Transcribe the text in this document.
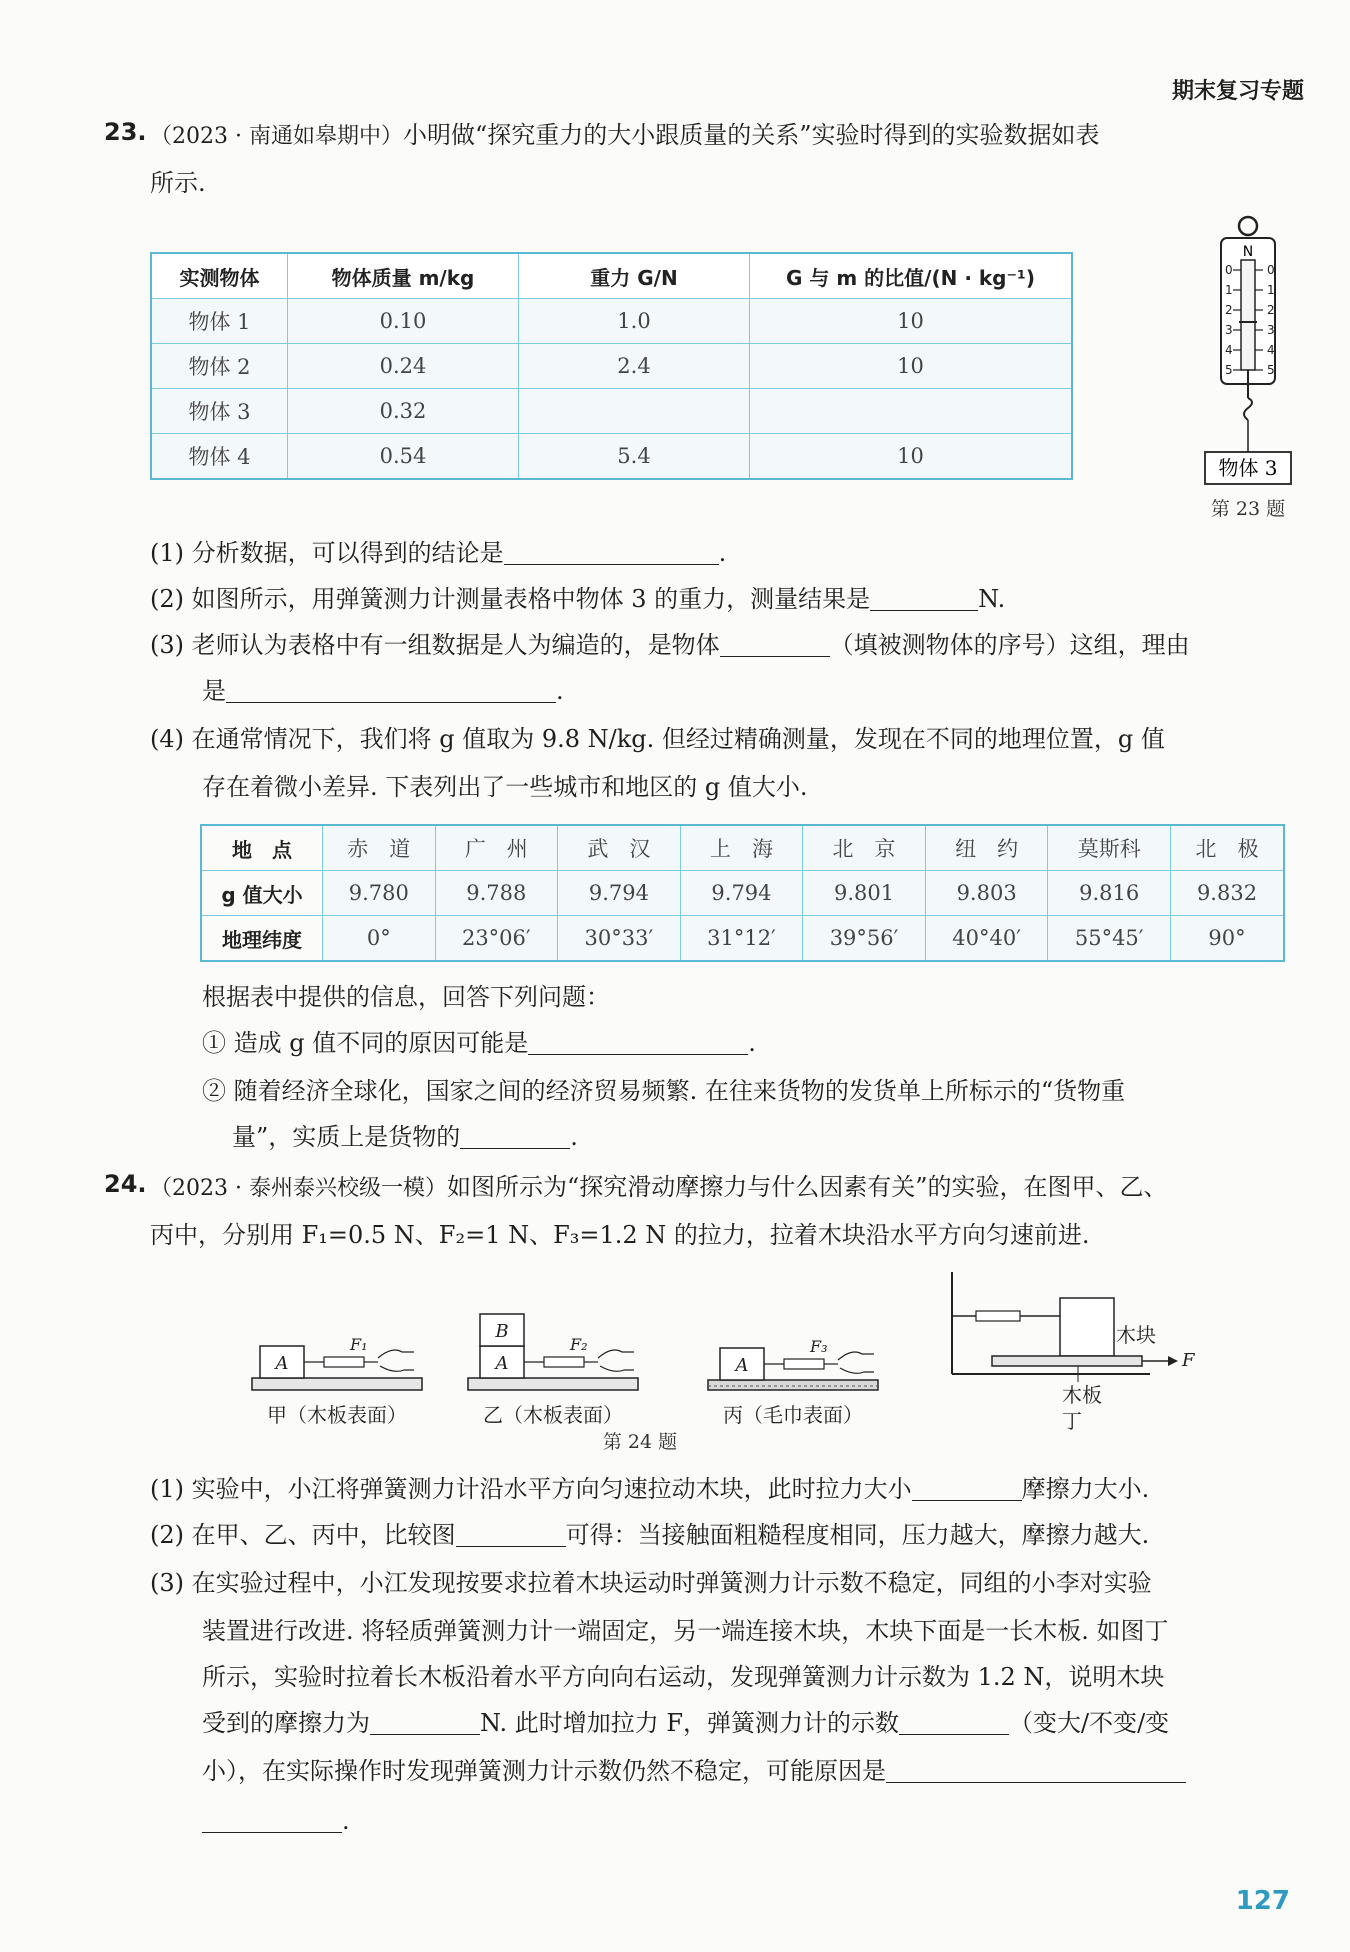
期末复习专题
23. （2023 · 南通如皋期中）小明做“探究重力的大小跟质量的关系”实验时得到的实验数据如表
所示.
实测物体	物体质量 m/kg	重力 G/N	G 与 m 的比值/(N · kg⁻¹)
物体 1	0.10	1.0	10
物体 2	0.24	2.4	10
物体 3	0.32		
物体 4	0.54	5.4	10
N
0	0
1	1
2	2
3	3
4	4
5	5
物体 3
第 23 题
(1) 分析数据，可以得到的结论是	.
(2) 如图所示，用弹簧测力计测量表格中物体 3 的重力，测量结果是	N.
(3) 老师认为表格中有一组数据是人为编造的，是物体	（填被测物体的序号）这组，理由
是	.
(4) 在通常情况下，我们将 g 值取为 9.8 N/kg. 但经过精确测量，发现在不同的地理位置，g 值
存在着微小差异. 下表列出了一些城市和地区的 g 值大小.
地　点	赤　道	广　州	武　汉	上　海	北　京	纽　约	莫斯科	北　极
g 值大小	9.780	9.788	9.794	9.794	9.801	9.803	9.816	9.832
地理纬度	0°	23°06′	30°33′	31°12′	39°56′	40°40′	55°45′	90°
根据表中提供的信息，回答下列问题：
① 造成 g 值不同的原因可能是	.
② 随着经济全球化，国家之间的经济贸易频繁. 在往来货物的发货单上所标示的“货物重
量”，实质上是货物的	.
24. （2023 · 泰州泰兴校级一模）如图所示为“探究滑动摩擦力与什么因素有关”的实验，在图甲、乙、
丙中，分别用 F₁=0.5 N、F₂=1 N、F₃=1.2 N 的拉力，拉着木块沿水平方向匀速前进.
A
F₁
甲（木板表面）
A
B
F₂
乙（木板表面）
A
F₃
丙（毛巾表面）
F
木块
木板
丁
第 24 题
(1) 实验中，小江将弹簧测力计沿水平方向匀速拉动木块，此时拉力大小	摩擦力大小.
(2) 在甲、乙、丙中，比较图	可得：当接触面粗糙程度相同，压力越大，摩擦力越大.
(3) 在实验过程中，小江发现按要求拉着木块运动时弹簧测力计示数不稳定，同组的小李对实验
装置进行改进. 将轻质弹簧测力计一端固定，另一端连接木块，木块下面是一长木板. 如图丁
所示，实验时拉着长木板沿着水平方向向右运动，发现弹簧测力计示数为 1.2 N，说明木块
受到的摩擦力为	N. 此时增加拉力 F，弹簧测力计的示数	（变大/不变/变
小），在实际操作时发现弹簧测力计示数仍然不稳定，可能原因是
.
127
